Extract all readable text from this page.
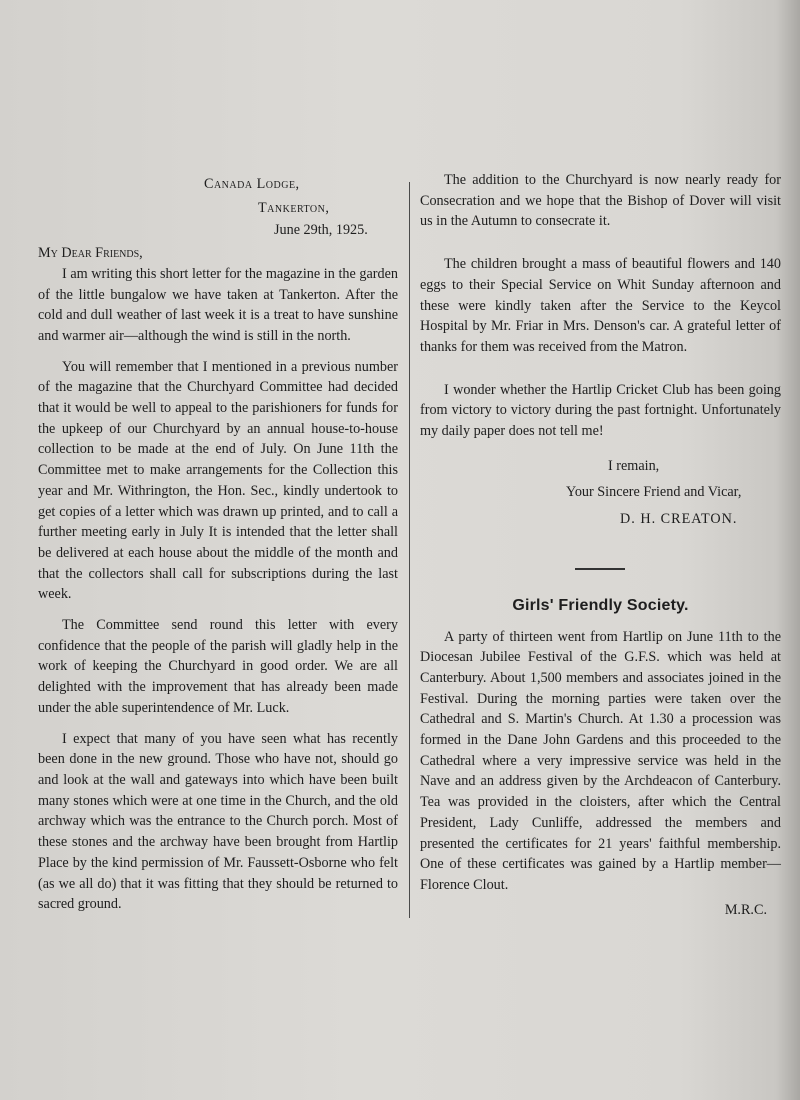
Canada Lodge,

Tankerton,

June 29th, 1925.

My Dear Friends,

I am writing this short letter for the magazine in the garden of the little bungalow we have taken at Tankerton. After the cold and dull weather of last week it is a treat to have sunshine and warmer air—although the wind is still in the north.

You will remember that I mentioned in a previous number of the magazine that the Churchyard Committee had decided that it would be well to appeal to the parishioners for funds for the upkeep of our Churchyard by an annual house-to-house collection to be made at the end of July. On June 11th the Committee met to make arrangements for the Collection this year and Mr. Withrington, the Hon. Sec., kindly undertook to get copies of a letter which was drawn up printed, and to call a further meeting early in July It is intended that the letter shall be delivered at each house about the middle of the month and that the collectors shall call for subscriptions during the last week.

The Committee send round this letter with every confidence that the people of the parish will gladly help in the work of keeping the Churchyard in good order. We are all delighted with the improvement that has already been made under the able superintendence of Mr. Luck.

I expect that many of you have seen what has recently been done in the new ground. Those who have not, should go and look at the wall and gateways into which have been built many stones which were at one time in the Church, and the old archway which was the entrance to the Church porch. Most of these stones and the archway have been brought from Hartlip Place by the kind permission of Mr. Faussett-Osborne who felt (as we all do) that it was fitting that they should be returned to sacred ground.

The addition to the Churchyard is now nearly ready for Consecration and we hope that the Bishop of Dover will visit us in the Autumn to consecrate it.

The children brought a mass of beautiful flowers and 140 eggs to their Special Service on Whit Sunday afternoon and these were kindly taken after the Service to the Keycol Hospital by Mr. Friar in Mrs. Denson's car. A grateful letter of thanks for them was received from the Matron.

I wonder whether the Hartlip Cricket Club has been going from victory to victory during the past fortnight. Unfortunately my daily paper does not tell me!

I remain,

Your Sincere Friend and Vicar,

D. H. CREATON.

Girls' Friendly Society.

A party of thirteen went from Hartlip on June 11th to the Diocesan Jubilee Festival of the G.F.S. which was held at Canterbury. About 1,500 members and associates joined in the Festival. During the morning parties were taken over the Cathedral and S. Martin's Church. At 1.30 a procession was formed in the Dane John Gardens and this proceeded to the Cathedral where a very impressive service was held in the Nave and an address given by the Archdeacon of Canterbury. Tea was provided in the cloisters, after which the Central President, Lady Cunliffe, addressed the members and presented the certificates for 21 years' faithful membership. One of these certificates was gained by a Hartlip member—Florence Clout.

M.R.C.
